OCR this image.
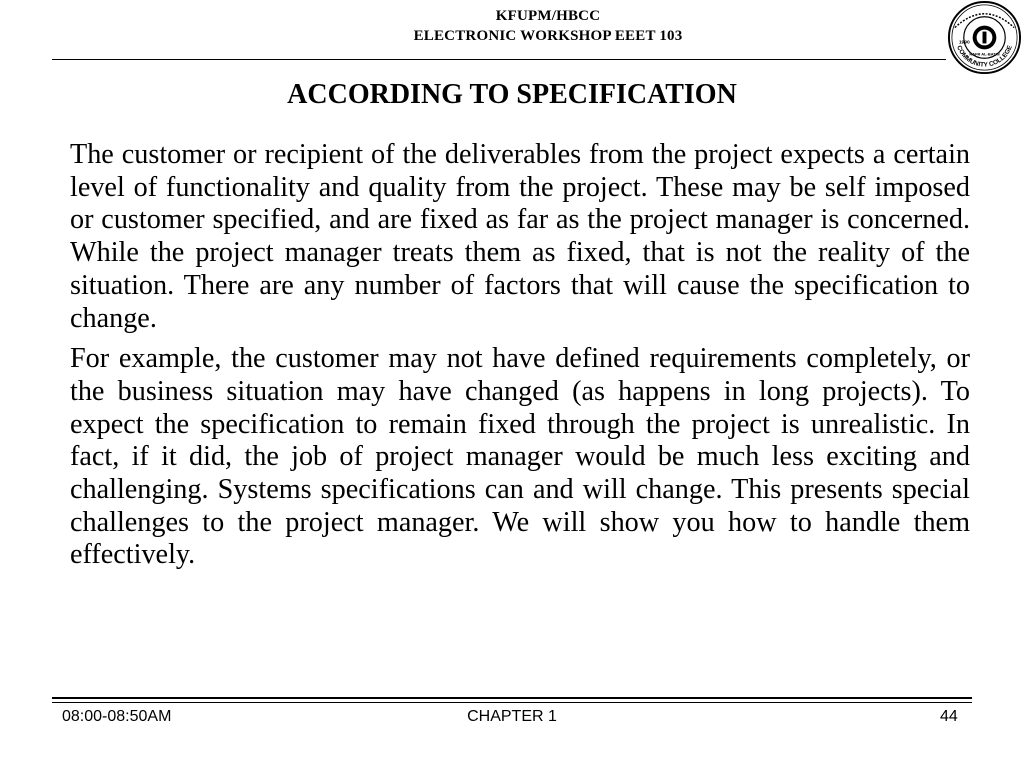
KFUPM/HBCC
ELECTRONIC WORKSHOP EEET 103	1990
HAFR AL-BATIN
COMMUNITY COLLEGE
ACCORDING TO SPECIFICATION

The customer or recipient of the deliverables from the project expects a certain level of functionality and quality from the project. These may be self imposed or customer specified, and are fixed as far as the project manager is concerned. While the project manager treats them as fixed, that is not the reality of the situation. There are any number of factors that will cause the specification to change.

For example, the customer may not have defined requirements completely, or the business situation may have changed (as happens in long projects). To expect the specification to remain fixed through the project is unrealistic. In fact, if it did, the job of project manager would be much less exciting and challenging. Systems specifications can and will change. This presents special challenges to the project manager. We will show you how to handle them effectively.

08:00-08:50AM	CHAPTER 1	44
